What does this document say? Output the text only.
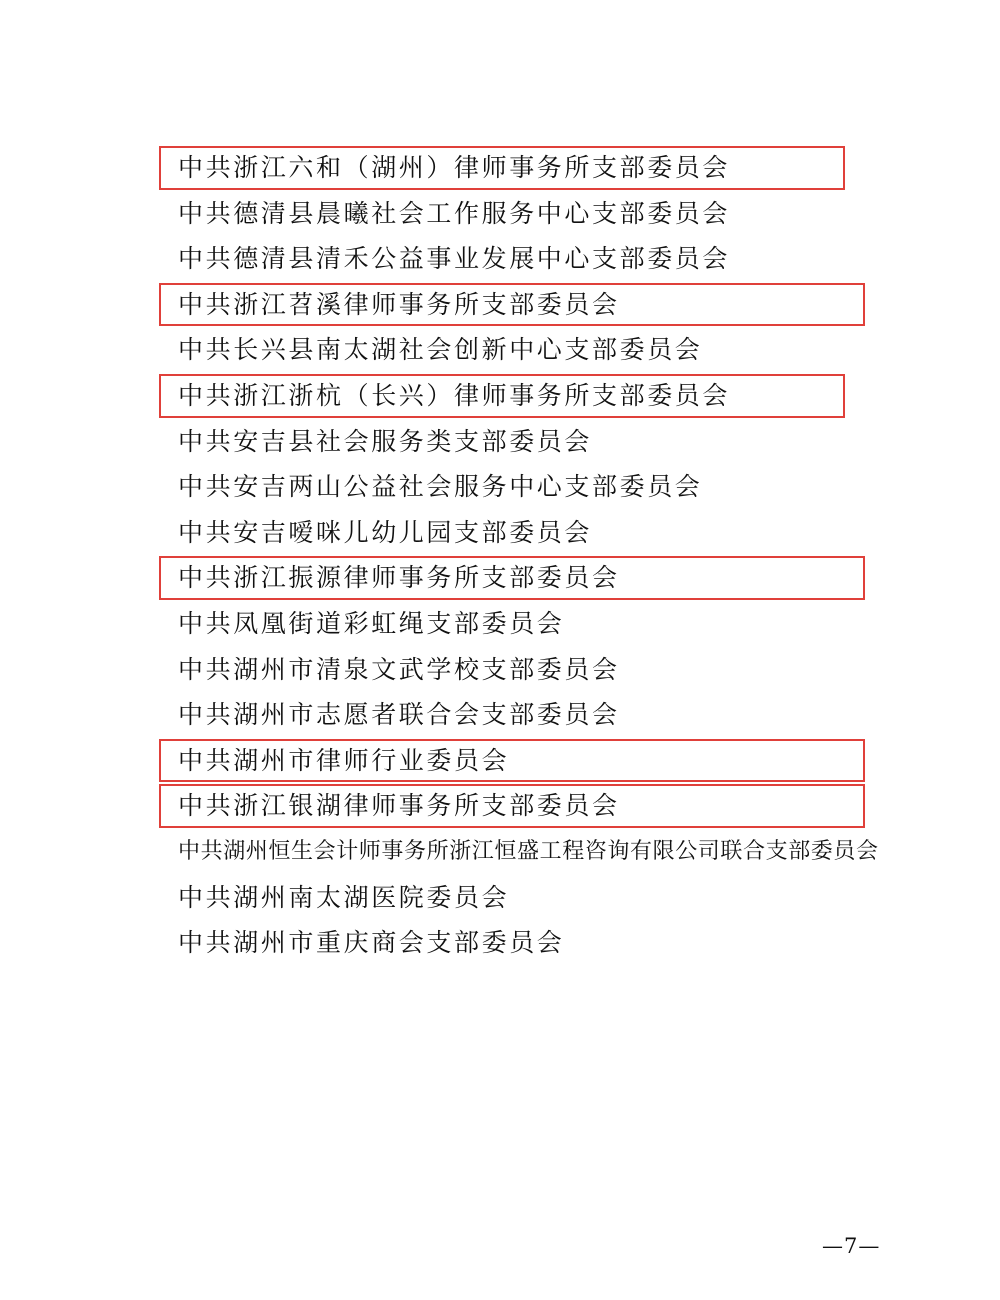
中共浙江六和（湖州）律师事务所支部委员会
中共德清县晨曦社会工作服务中心支部委员会
中共德清县清禾公益事业发展中心支部委员会
中共浙江苕溪律师事务所支部委员会
中共长兴县南太湖社会创新中心支部委员会
中共浙江浙杭（长兴）律师事务所支部委员会
中共安吉县社会服务类支部委员会
中共安吉两山公益社会服务中心支部委员会
中共安吉嗳咪儿幼儿园支部委员会
中共浙江振源律师事务所支部委员会
中共凤凰街道彩虹绳支部委员会
中共湖州市清泉文武学校支部委员会
中共湖州市志愿者联合会支部委员会
中共湖州市律师行业委员会
中共浙江银湖律师事务所支部委员会
中共湖州恒生会计师事务所浙江恒盛工程咨询有限公司联合支部委员会
中共湖州南太湖医院委员会
中共湖州市重庆商会支部委员会
—7—
